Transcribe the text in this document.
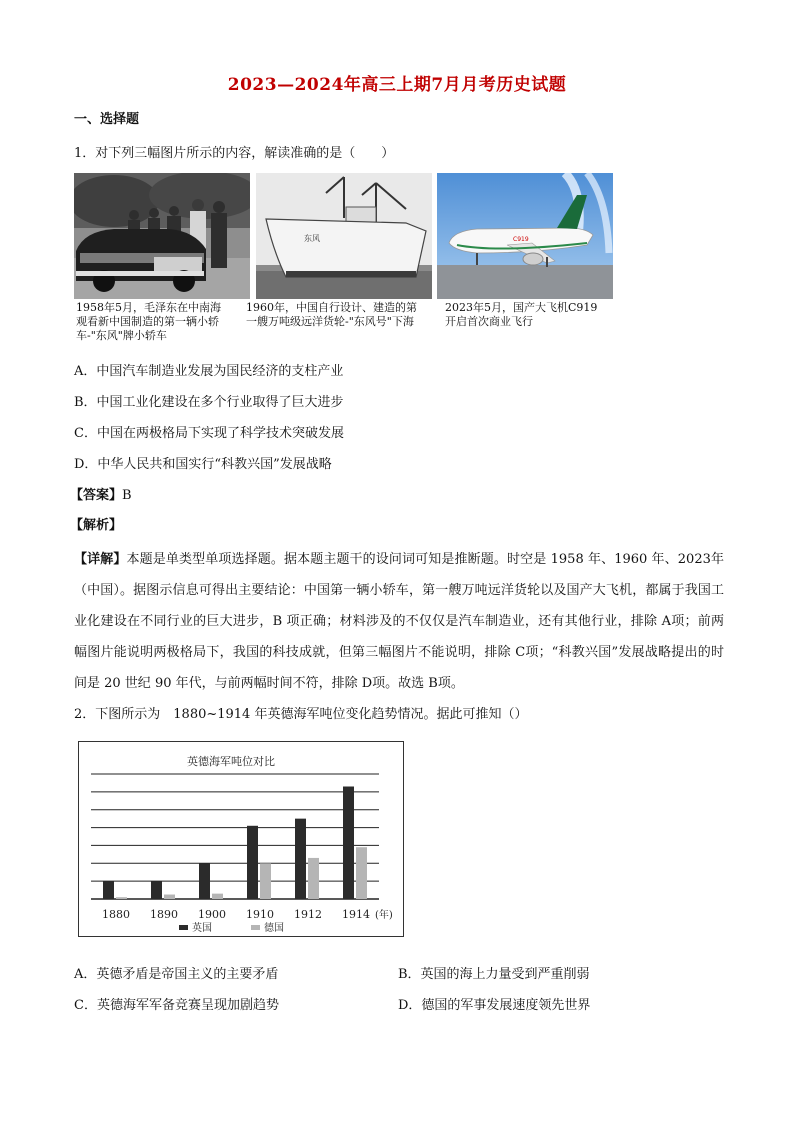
2023—2024年高三上期7月月考历史试题
一、选择题
1．对下列三幅图片所示的内容，解读准确的是（　　）
东风	C919
1958年5月，毛泽东在中南海
观看新中国制造的第一辆小轿
车-"东风"牌小轿车
1960年，中国自行设计、建造的第
一艘万吨级远洋货轮-"东风号"下海
2023年5月，国产大飞机C919
开启首次商业飞行
A．中国汽车制造业发展为国民经济的支柱产业
B．中国工业化建设在多个行业取得了巨大进步
C．中国在两极格局下实现了科学技术突破发展
D．中华人民共和国实行“科教兴国”发展战略
【答案】B
【解析】
【详解】本题是单类型单项选择题。据本题主题干的设问词可知是推断题。时空是 1958 年、1960 年、2023年（中国）。据图示信息可得出主要结论：中国第一辆小轿车，第一艘万吨远洋货轮以及国产大飞机，都属于我国工业化建设在不同行业的巨大进步，B 项正确；材料涉及的不仅仅是汽车制造业，还有其他行业，排除 A项；前两幅图片能说明两极格局下，我国的科技成就，但第三幅图片不能说明，排除 C项；“科教兴国”发展战略提出的时间是 20 世纪 90 年代，与前两幅时间不符，排除 D项。故选 B项。
2．下图所示为　1880~1914 年英德海军吨位变化趋势情况。据此可推知（）
英德海军吨位对比
1880 1890 1900 1910 1912 1914 (年)
英国	德国
A．英德矛盾是帝国主义的主要矛盾	B．英国的海上力量受到严重削弱
C．英德海军军备竞赛呈现加剧趋势	D．德国的军事发展速度领先世界
